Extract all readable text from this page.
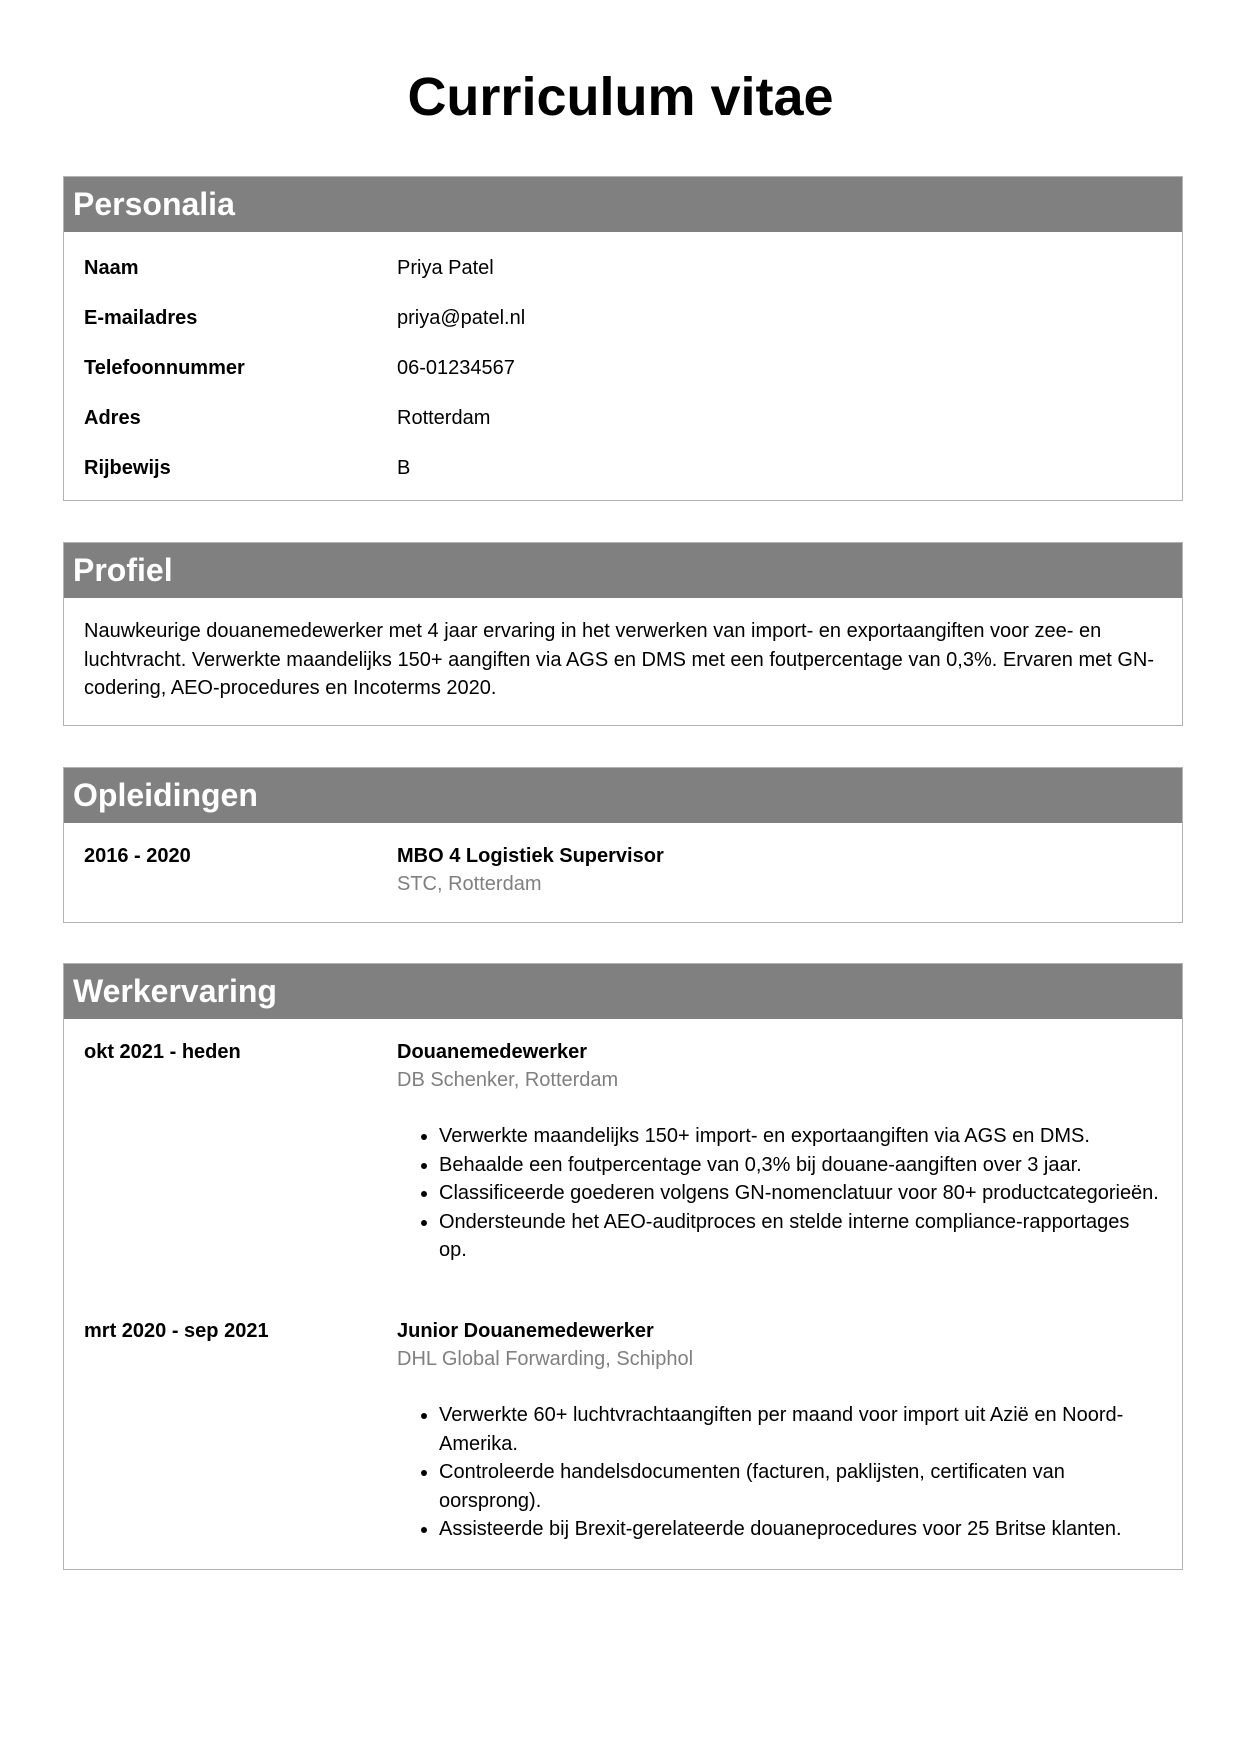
Curriculum vitae
Personalia
Naam	Priya Patel
E-mailadres	priya@patel.nl
Telefoonnummer	06-01234567
Adres	Rotterdam
Rijbewijs	B
Profiel
Nauwkeurige douanemedewerker met 4 jaar ervaring in het verwerken van import- en exportaangiften voor zee- en luchtvracht. Verwerkte maandelijks 150+ aangiften via AGS en DMS met een foutpercentage van 0,3%. Ervaren met GN-codering, AEO-procedures en Incoterms 2020.
Opleidingen
2016 - 2020	MBO 4 Logistiek Supervisor
STC, Rotterdam
Werkervaring
okt 2021 - heden	Douanemedewerker
DB Schenker, Rotterdam
• Verwerkte maandelijks 150+ import- en exportaangiften via AGS en DMS.
• Behaalde een foutpercentage van 0,3% bij douane-aangiften over 3 jaar.
• Classificeerde goederen volgens GN-nomenclatuur voor 80+ productcategorieën.
• Ondersteunde het AEO-auditproces en stelde interne compliance-rapportages op.
mrt 2020 - sep 2021	Junior Douanemedewerker
DHL Global Forwarding, Schiphol
• Verwerkte 60+ luchtvrachtaangiften per maand voor import uit Azië en Noord-Amerika.
• Controleerde handelsdocumenten (facturen, paklijsten, certificaten van oorsprong).
• Assisteerde bij Brexit-gerelateerde douaneprocedures voor 25 Britse klanten.
